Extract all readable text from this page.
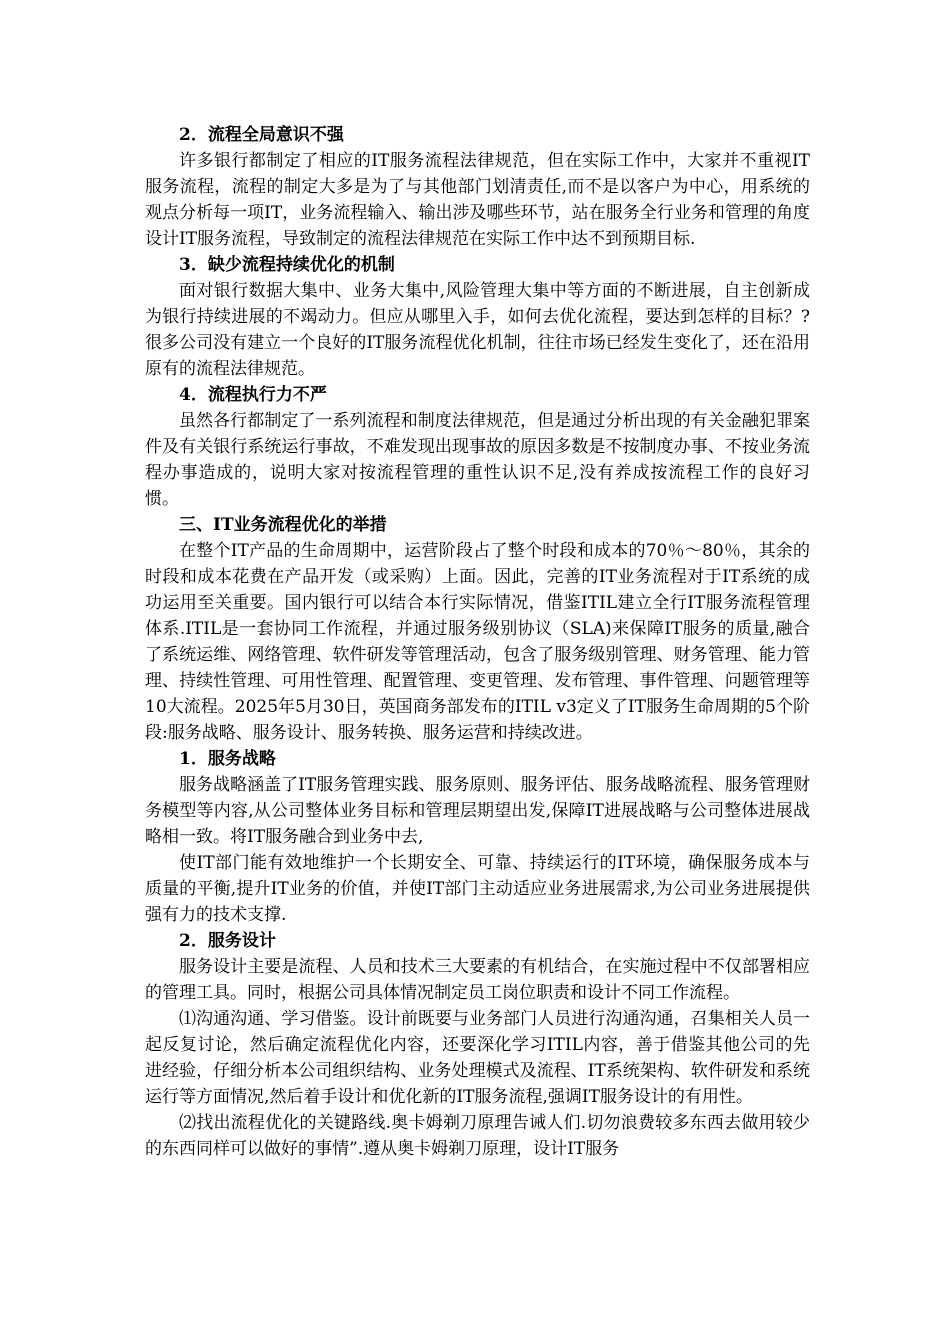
2．流程全局意识不强

许多银行都制定了相应的IT服务流程法律规范，但在实际工作中，大家并不重视IT服务流程，流程的制定大多是为了与其他部门划清责任,而不是以客户为中心，用系统的观点分析每一项IT，业务流程输入、输出涉及哪些环节，站在服务全行业务和管理的角度设计IT服务流程，导致制定的流程法律规范在实际工作中达不到预期目标.

3．缺少流程持续优化的机制

面对银行数据大集中、业务大集中,风险管理大集中等方面的不断进展，自主创新成为银行持续进展的不竭动力。但应从哪里入手，如何去优化流程，要达到怎样的目标？?很多公司没有建立一个良好的IT服务流程优化机制，往往市场已经发生变化了，还在沿用原有的流程法律规范。

4．流程执行力不严

虽然各行都制定了一系列流程和制度法律规范，但是通过分析出现的有关金融犯罪案件及有关银行系统运行事故，不难发现出现事故的原因多数是不按制度办事、不按业务流程办事造成的，说明大家对按流程管理的重性认识不足,没有养成按流程工作的良好习惯。

三、IT业务流程优化的举措

在整个IT产品的生命周期中，运营阶段占了整个时段和成本的70％～80％，其余的时段和成本花费在产品开发（或采购）上面。因此，完善的IT业务流程对于IT系统的成功运用至关重要。国内银行可以结合本行实际情况，借鉴ITIL建立全行IT服务流程管理体系.ITIL是一套协同工作流程，并通过服务级别协议（SLA)来保障IT服务的质量,融合了系统运维、网络管理、软件研发等管理活动，包含了服务级别管理、财务管理、能力管理、持续性管理、可用性管理、配置管理、变更管理、发布管理、事件管理、问题管理等10大流程。2025年5月30日，英国商务部发布的ITIL v3定义了IT服务生命周期的5个阶段:服务战略、服务设计、服务转换、服务运营和持续改进。

1．服务战略

服务战略涵盖了IT服务管理实践、服务原则、服务评估、服务战略流程、服务管理财务模型等内容,从公司整体业务目标和管理层期望出发,保障IT进展战略与公司整体进展战略相一致。将IT服务融合到业务中去,

使IT部门能有效地维护一个长期安全、可靠、持续运行的IT环境，确保服务成本与质量的平衡,提升IT业务的价值，并使IT部门主动适应业务进展需求,为公司业务进展提供强有力的技术支撑.

2．服务设计

服务设计主要是流程、人员和技术三大要素的有机结合，在实施过程中不仅部署相应的管理工具。同时，根据公司具体情况制定员工岗位职责和设计不同工作流程。

⑴沟通沟通、学习借鉴。设计前既要与业务部门人员进行沟通沟通，召集相关人员一起反复讨论，然后确定流程优化内容，还要深化学习ITIL内容，善于借鉴其他公司的先进经验，仔细分析本公司组织结构、业务处理模式及流程、IT系统架构、软件研发和系统运行等方面情况,然后着手设计和优化新的IT服务流程,强调IT服务设计的有用性。

⑵找出流程优化的关键路线.奥卡姆剃刀原理告诫人们.切勿浪费较多东西去做用较少的东西同样可以做好的事情”.遵从奥卡姆剃刀原理，设计IT服务
